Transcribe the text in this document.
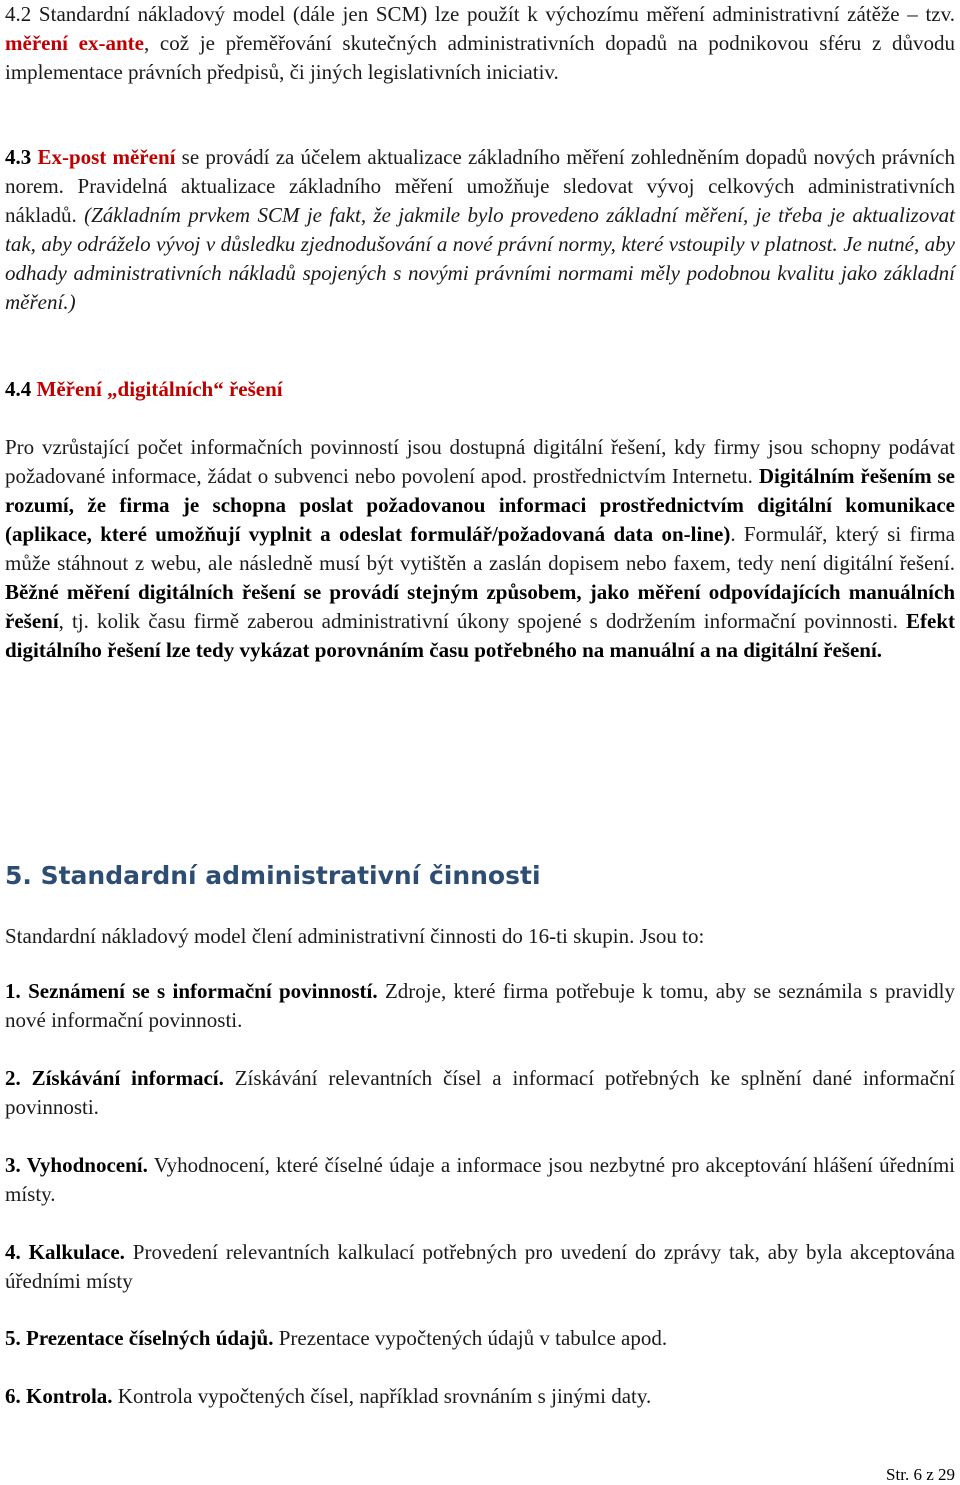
4.2 Standardní nákladový model (dále jen SCM) lze použít k výchozímu měření administrativní zátěže – tzv. měření ex-ante, což je přeměřování skutečných administrativních dopadů na podnikovou sféru z důvodu implementace právních předpisů, či jiných legislativních iniciativ.

4.3 Ex-post měření se provádí za účelem aktualizace základního měření zohledněním dopadů nových právních norem. Pravidelná aktualizace základního měření umožňuje sledovat vývoj celkových administrativních nákladů. (Základním prvkem SCM je fakt, že jakmile bylo provedeno základní měření, je třeba je aktualizovat tak, aby odráželo vývoj v důsledku zjednodušování a nové právní normy, které vstoupily v platnost. Je nutné, aby odhady administrativních nákladů spojených s novými právními normami měly podobnou kvalitu jako základní měření.)

4.4 Měření „digitálních“ řešení

Pro vzrůstající počet informačních povinností jsou dostupná digitální řešení, kdy firmy jsou schopny podávat požadované informace, žádat o subvenci nebo povolení apod. prostřednictvím Internetu. Digitálním řešením se rozumí, že firma je schopna poslat požadovanou informaci prostřednictvím digitální komunikace (aplikace, které umožňují vyplnit a odeslat formulář/požadovaná data on-line). Formulář, který si firma může stáhnout z webu, ale následně musí být vytištěn a zaslán dopisem nebo faxem, tedy není digitální řešení. Běžné měření digitálních řešení se provádí stejným způsobem, jako měření odpovídajících manuálních řešení, tj. kolik času firmě zaberou administrativní úkony spojené s dodržením informační povinnosti. Efekt digitálního řešení lze tedy vykázat porovnáním času potřebného na manuální a na digitální řešení.

5. Standardní administrativní činnosti

Standardní nákladový model člení administrativní činnosti do 16-ti skupin. Jsou to:

1. Seznámení se s informační povinností. Zdroje, které firma potřebuje k tomu, aby se seznámila s pravidly nové informační povinnosti.

2. Získávání informací. Získávání relevantních čísel a informací potřebných ke splnění dané informační povinnosti.

3. Vyhodnocení. Vyhodnocení, které číselné údaje a informace jsou nezbytné pro akceptování hlášení úředními místy.

4. Kalkulace. Provedení relevantních kalkulací potřebných pro uvedení do zprávy tak, aby byla akceptována úředními místy

5. Prezentace číselných údajů. Prezentace vypočtených údajů v tabulce apod.

6. Kontrola. Kontrola vypočtených čísel, například srovnáním s jinými daty.

Str. 6 z 29
